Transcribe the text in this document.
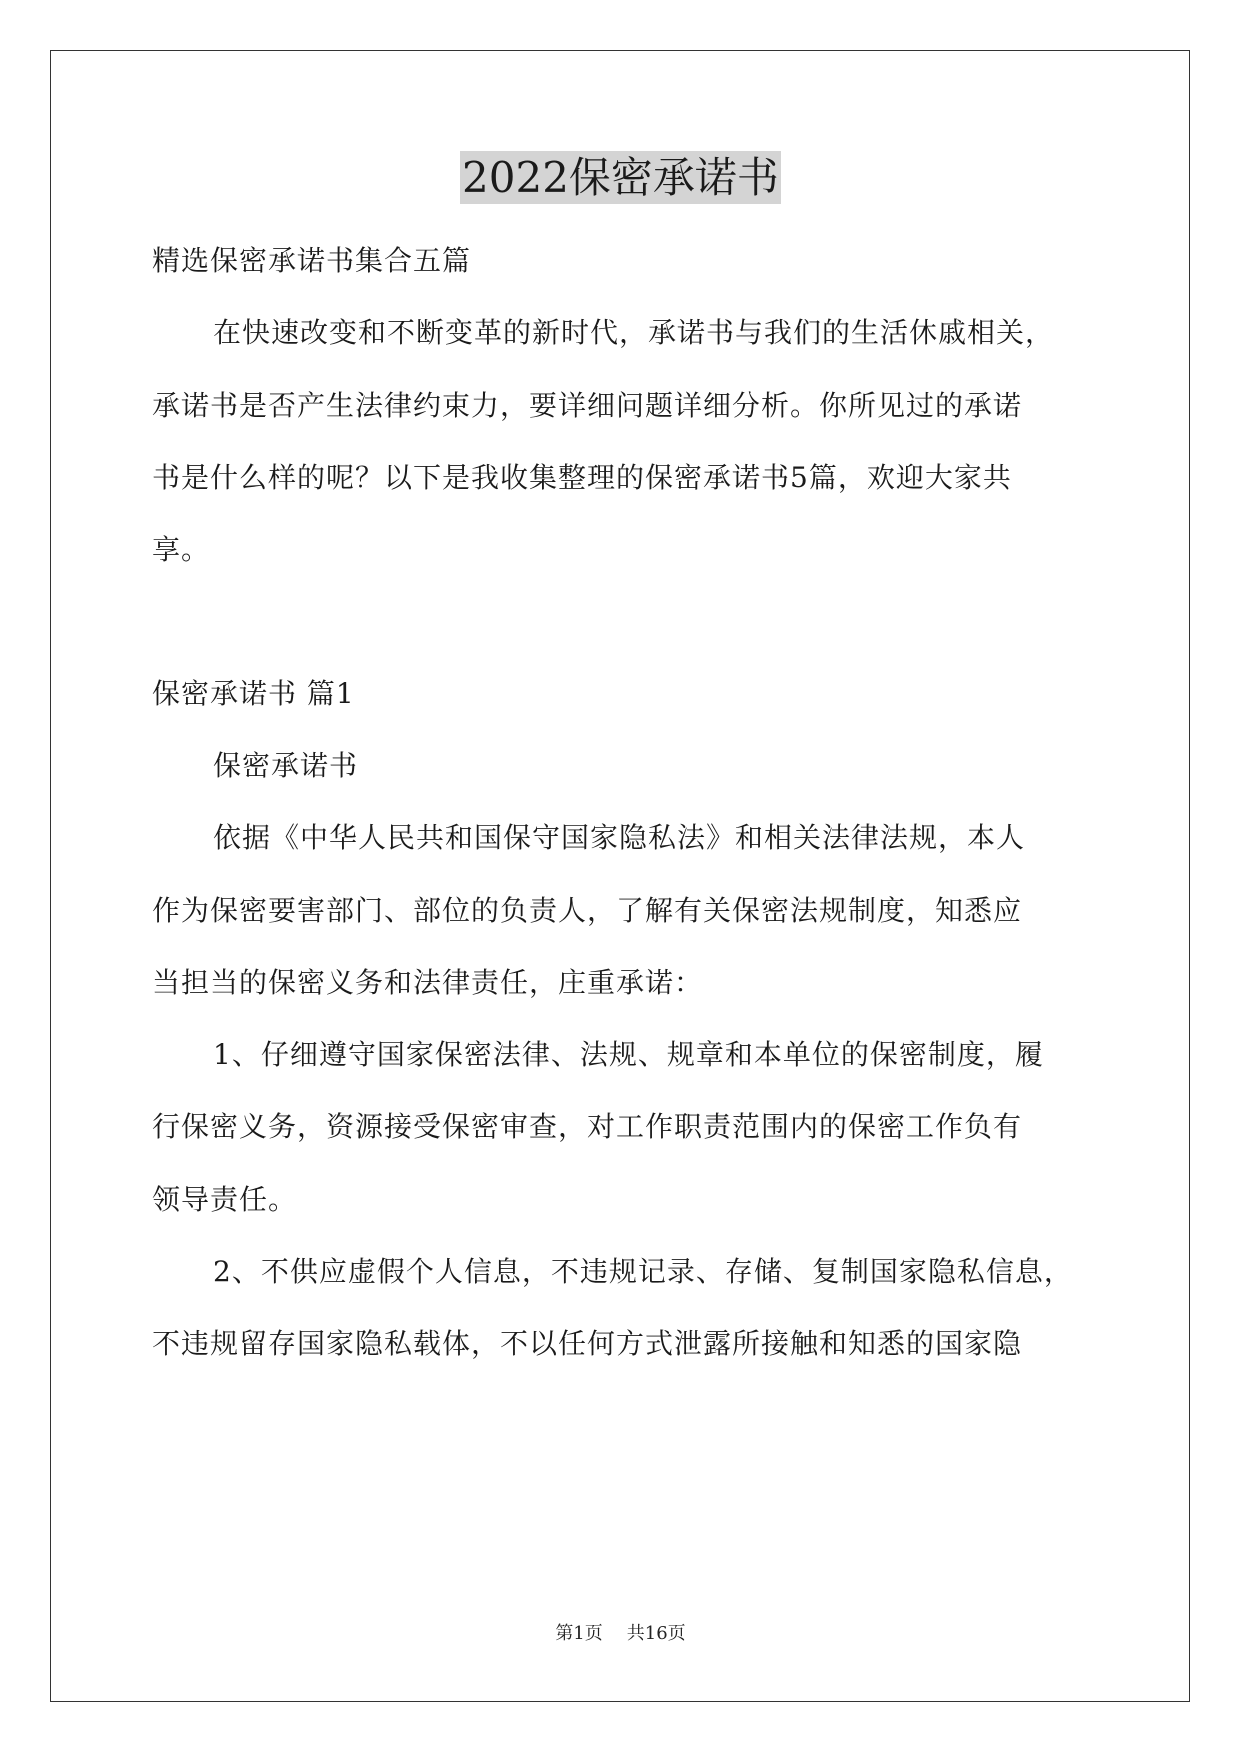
2022保密承诺书
精选保密承诺书集合五篇
在快速改变和不断变革的新时代，承诺书与我们的生活休戚相关，
承诺书是否产生法律约束力，要详细问题详细分析。你所见过的承诺
书是什么样的呢？以下是我收集整理的保密承诺书5篇，欢迎大家共
享。
保密承诺书 篇1
保密承诺书
依据《中华人民共和国保守国家隐私法》和相关法律法规，本人
作为保密要害部门、部位的负责人，了解有关保密法规制度，知悉应
当担当的保密义务和法律责任，庄重承诺：
1、仔细遵守国家保密法律、法规、规章和本单位的保密制度，履
行保密义务，资源接受保密审查，对工作职责范围内的保密工作负有
领导责任。
2、不供应虚假个人信息，不违规记录、存储、复制国家隐私信息，
不违规留存国家隐私载体，不以任何方式泄露所接触和知悉的国家隐
第1页 共16页
